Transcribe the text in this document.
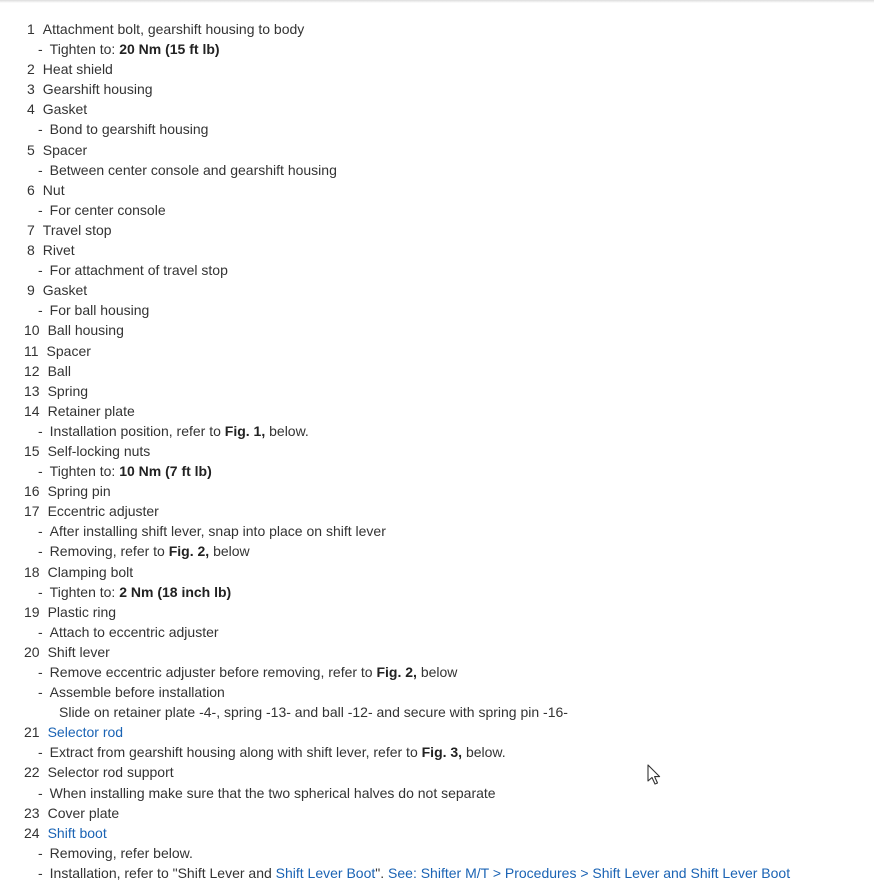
1 Attachment bolt, gearshift housing to body
- Tighten to: 20 Nm (15 ft lb)
2 Heat shield
3 Gearshift housing
4 Gasket
- Bond to gearshift housing
5 Spacer
- Between center console and gearshift housing
6 Nut
- For center console
7 Travel stop
8 Rivet
- For attachment of travel stop
9 Gasket
- For ball housing
10 Ball housing
11 Spacer
12 Ball
13 Spring
14 Retainer plate
- Installation position, refer to Fig. 1, below.
15 Self-locking nuts
- Tighten to: 10 Nm (7 ft lb)
16 Spring pin
17 Eccentric adjuster
- After installing shift lever, snap into place on shift lever
- Removing, refer to Fig. 2, below
18 Clamping bolt
- Tighten to: 2 Nm (18 inch lb)
19 Plastic ring
- Attach to eccentric adjuster
20 Shift lever
- Remove eccentric adjuster before removing, refer to Fig. 2, below
- Assemble before installation
Slide on retainer plate -4-, spring -13- and ball -12- and secure with spring pin -16-
21 Selector rod
- Extract from gearshift housing along with shift lever, refer to Fig. 3, below.
22 Selector rod support
- When installing make sure that the two spherical halves do not separate
23 Cover plate
24 Shift boot
- Removing, refer below.
- Installation, refer to "Shift Lever and Shift Lever Boot". See: Shifter M/T > Procedures > Shift Lever and Shift Lever Boot
